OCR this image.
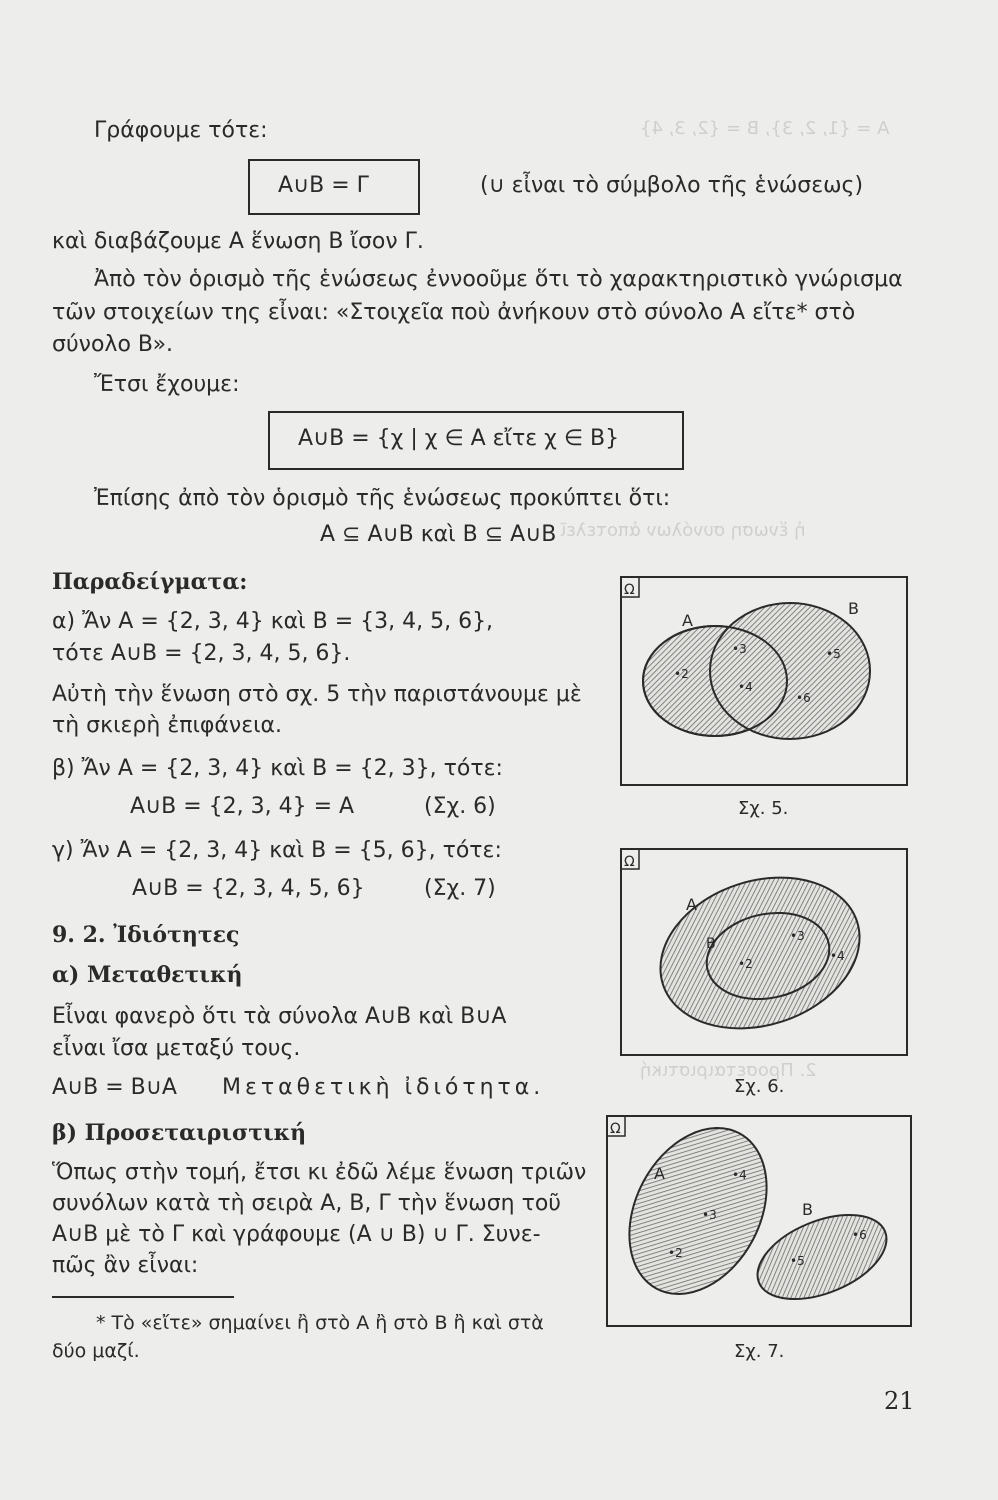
A = {1, 2, 3}, B = {2, 3, 4}
ἡ ἕνωση συνόλων ἀποτελεῖ
2. Προσεταιριστική
Γράφουμε τότε:
A∪B = Γ	(∪ εἶναι τὸ σύμβολο τῆς ἑνώσεως)
καὶ διαβάζουμε A ἕνωση B ἴσον Γ.
Ἀπὸ τὸν ὁρισμὸ τῆς ἑνώσεως ἐννοοῦμε ὅτι τὸ χαρακτηριστικὸ γνώρισμα
τῶν στοιχείων της εἶναι: «Στοιχεῖα ποὺ ἀνήκουν στὸ σύνολο A εἴτε* στὸ
σύνολο B».
Ἔτσι ἔχουμε:
A∪B = {χ | χ ∈ A εἴτε χ ∈ B}
Ἐπίσης ἀπὸ τὸν ὁρισμὸ τῆς ἑνώσεως προκύπτει ὅτι:
A ⊆ A∪B καὶ B ⊆ A∪B
Παραδείγματα:
α) Ἄν A = {2, 3, 4} καὶ B = {3, 4, 5, 6},
τότε A∪B = {2, 3, 4, 5, 6}.
Αὐτὴ τὴν ἕνωση στὸ σχ. 5 τὴν παριστάνουμε μὲ
τὴ σκιερὴ ἐπιφάνεια.
β) Ἄν A = {2, 3, 4} καὶ B = {2, 3}, τότε:
A∪B = {2, 3, 4} = A	(Σχ. 6)
γ) Ἄν A = {2, 3, 4} καὶ B = {5, 6}, τότε:
A∪B = {2, 3, 4, 5, 6}	(Σχ. 7)
9. 2. Ἰδιότητες
α) Μεταθετική
Εἶναι φανερὸ ὅτι τὰ σύνολα A∪B καὶ B∪A
εἶναι ἴσα μεταξύ τους.
A∪B = B∪A Μεταθετικὴ ἰδιότητα.
β) Προσεταιριστική
Ὅπως στὴν τομή, ἔτσι κι ἐδῶ λέμε ἕνωση τριῶν
συνόλων κατὰ τὴ σειρὰ A, B, Γ τὴν ἕνωση τοῦ
A∪B μὲ τὸ Γ καὶ γράφουμε (A ∪ B) ∪ Γ. Συνε-
πῶς ἂν εἶναι:
* Τὸ «εἴτε» σημαίνει ἢ στὸ A ἢ στὸ B ἢ καὶ στὰ
δύο μαζί.
Ω
A
B
•2
•3
•4
•5
•6
Σχ. 5.
Ω
A
B
•2
•3
•4
Σχ. 6.
Ω
A
B
•2
•3
•4
•5
•6
Σχ. 7.
21
